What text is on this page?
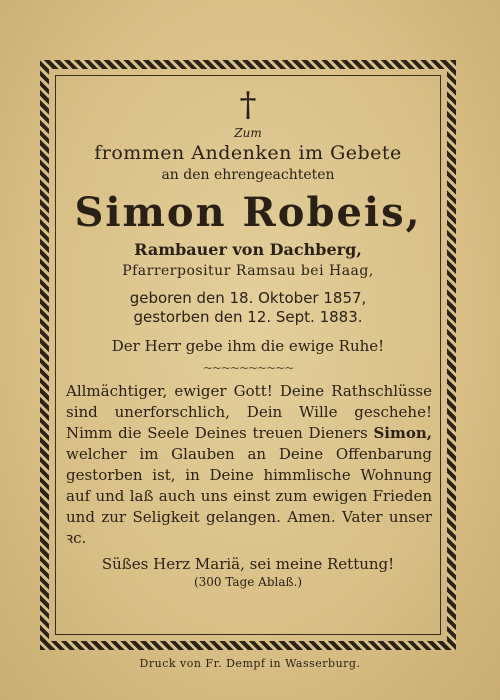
†

Zum

frommen Andenken im Gebete

an den ehrengeachteten

Simon Robeis,

Rambauer von Dachberg,

Pfarrerpositur Ramsau bei Haag,

geboren den 18. Oktober 1857,

gestorben den 12. Sept. 1883.

Der Herr gebe ihm die ewige Ruhe!

~~~~~~~~~~

Allmächtiger, ewiger Gott! Deine Rathschlüsse sind unerforschlich, Dein Wille geschehe! Nimm die Seele Deines treuen Dieners Simon, welcher im Glauben an Deine Offenbarung gestorben ist, in Deine himmlische Wohnung auf und laß auch uns einst zum ewigen Frieden und zur Seligkeit gelangen. Amen. Vater unser ꝛc.

Süßes Herz Mariä, sei meine Rettung!

(300 Tage Ablaß.)

Druck von Fr. Dempf in Wasserburg.
